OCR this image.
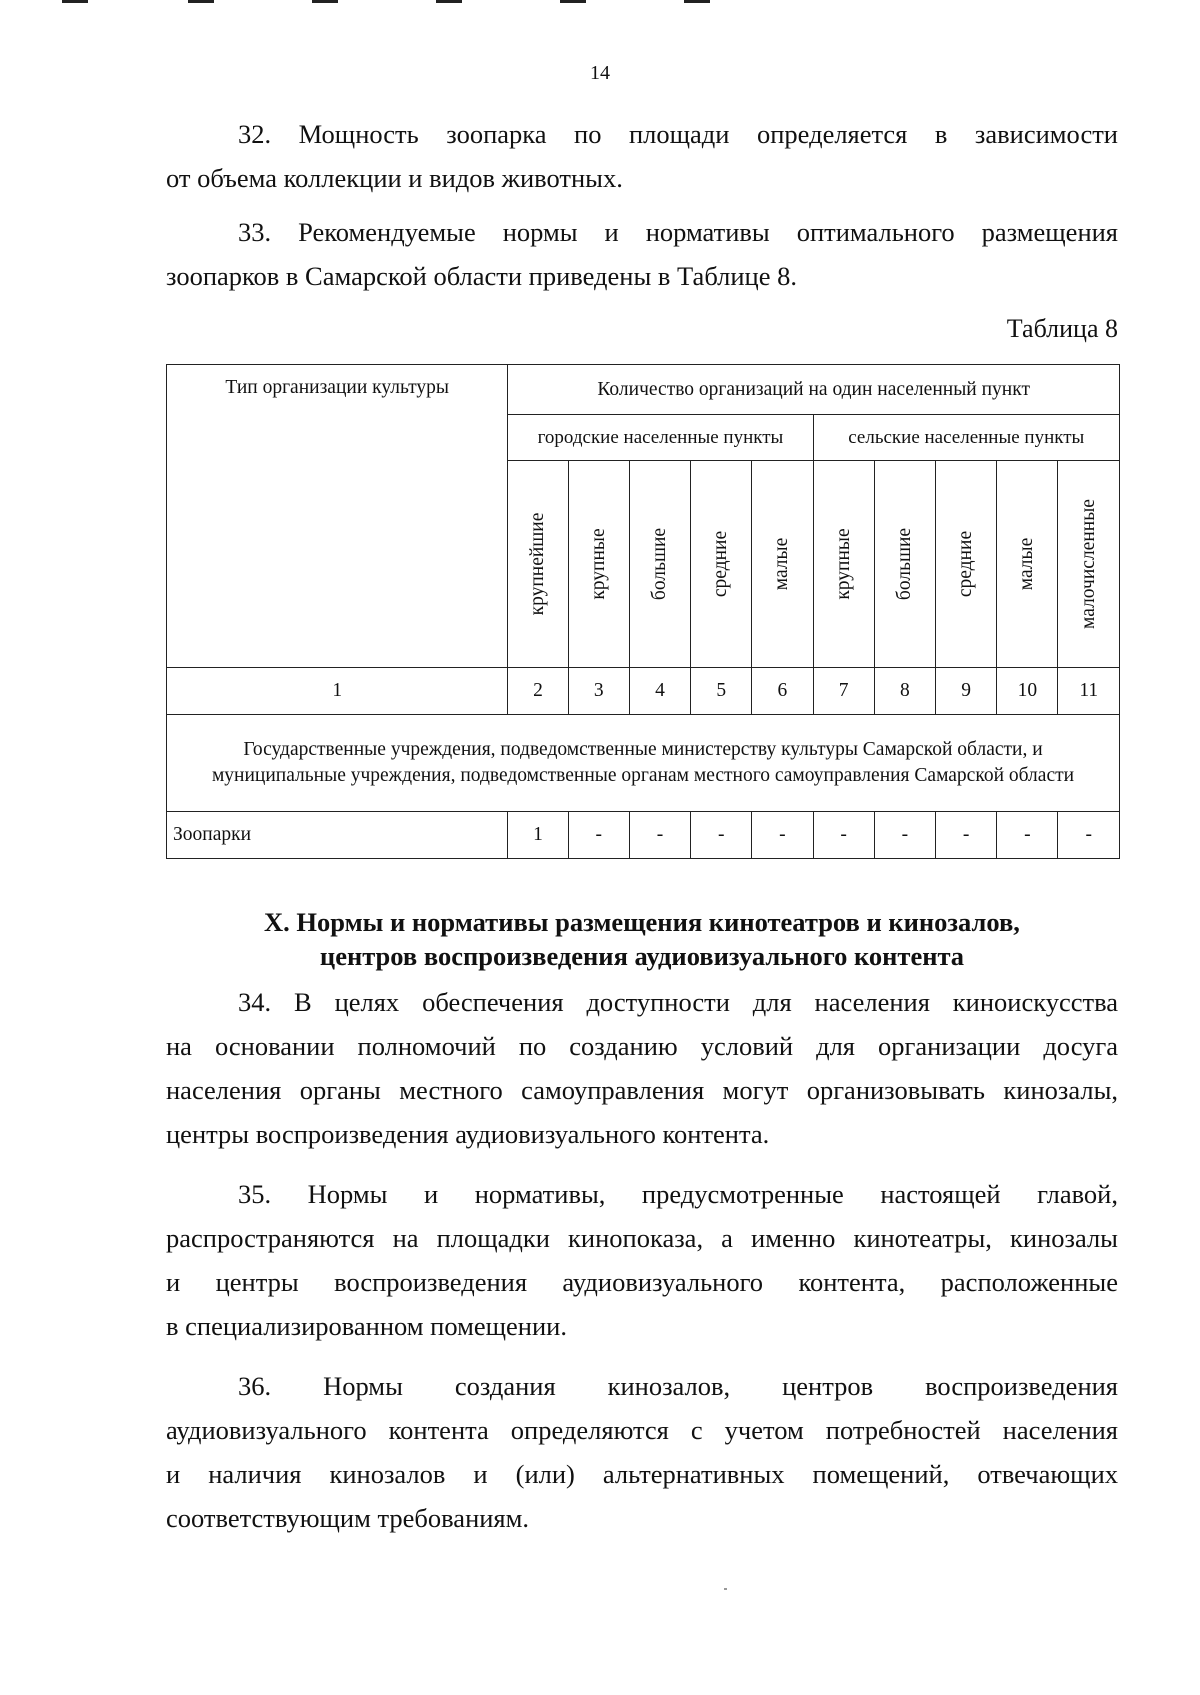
14
32. Мощность зоопарка по площади определяется в зависимости
от объема коллекции и видов животных.
33. Рекомендуемые нормы и нормативы оптимального размещения
зоопарков в Самарской области приведены в Таблице 8.
Таблица 8
Тип организации культуры	Количество организаций на один населенный пункт									
	городские населенные пункты					сельские населенные пункты				

	крупнейшие	крупные	большие	средние	малые	крупные	большие	средние	малые	малочисленные

1	2	3	4	5	6	7	8	9	10	11
Государственные учреждения, подведомственные министерству культуры Самарской области, и муниципальные учреждения, подведомственные органам местного самоуправления Самарской области										
Зоопарки	1	-	-	-	-	-	-	-	-	-
X. Нормы и нормативы размещения кинотеатров и кинозалов,
центров воспроизведения аудиовизуального контента
34. В целях обеспечения доступности для населения киноискусства
на основании полномочий по созданию условий для организации досуга
населения органы местного самоуправления могут организовывать кинозалы,
центры воспроизведения аудиовизуального контента.
35. Нормы и нормативы, предусмотренные настоящей главой,
распространяются на площадки кинопоказа, а именно кинотеатры, кинозалы
и центры воспроизведения аудиовизуального контента, расположенные
в специализированном помещении.
36. Нормы создания кинозалов, центров воспроизведения
аудиовизуального контента определяются с учетом потребностей населения
и наличия кинозалов и (или) альтернативных помещений, отвечающих
соответствующим требованиям.
